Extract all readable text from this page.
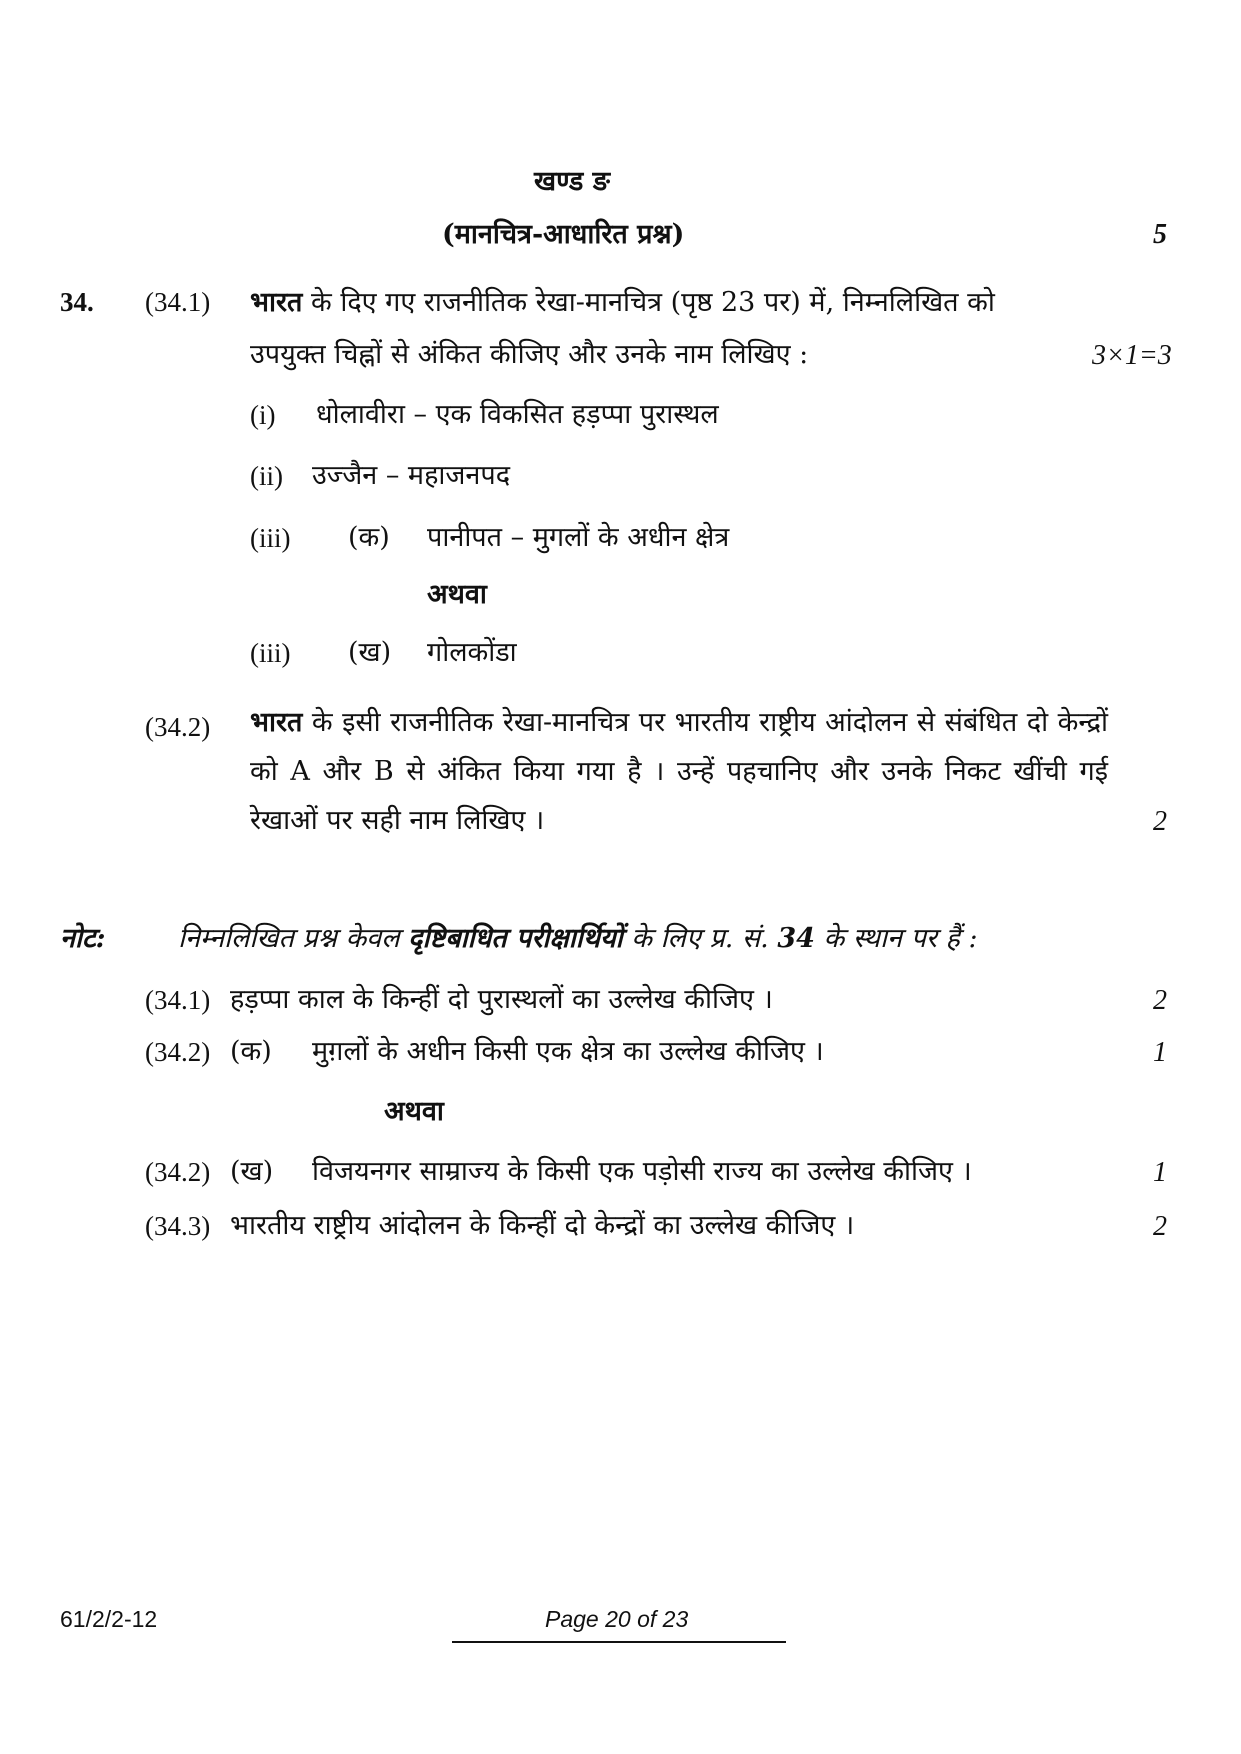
खण्ड ङ
(मानचित्र-आधारित प्रश्न)	5
34. (34.1) भारत के दिए गए राजनीतिक रेखा-मानचित्र (पृष्ठ 23 पर) में, निम्नलिखित को
उपयुक्त चिह्नों से अंकित कीजिए और उनके नाम लिखिए :	3×1=3
(i) धोलावीरा – एक विकसित हड़प्पा पुरास्थल
(ii) उज्जैन – महाजनपद
(iii) (क) पानीपत – मुगलों के अधीन क्षेत्र
अथवा
(iii) (ख) गोलकोंडा
(34.2) भारत के इसी राजनीतिक रेखा-मानचित्र पर भारतीय राष्ट्रीय आंदोलन से संबंधित दो केन्द्रों को A और B से अंकित किया गया है । उन्हें पहचानिए और उनके निकट खींची गई रेखाओं पर सही नाम लिखिए ।	2
नोट:	निम्नलिखित प्रश्न केवल दृष्टिबाधित परीक्षार्थियों के लिए प्र. सं. 34 के स्थान पर हैं :
(34.1) हड़प्पा काल के किन्हीं दो पुरास्थलों का उल्लेख कीजिए ।	2
(34.2) (क) मुग़लों के अधीन किसी एक क्षेत्र का उल्लेख कीजिए ।	1
अथवा
(34.2) (ख) विजयनगर साम्राज्य के किसी एक पड़ोसी राज्य का उल्लेख कीजिए ।	1
(34.3) भारतीय राष्ट्रीय आंदोलन के किन्हीं दो केन्द्रों का उल्लेख कीजिए ।	2
61/2/2-12	Page 20 of 23
